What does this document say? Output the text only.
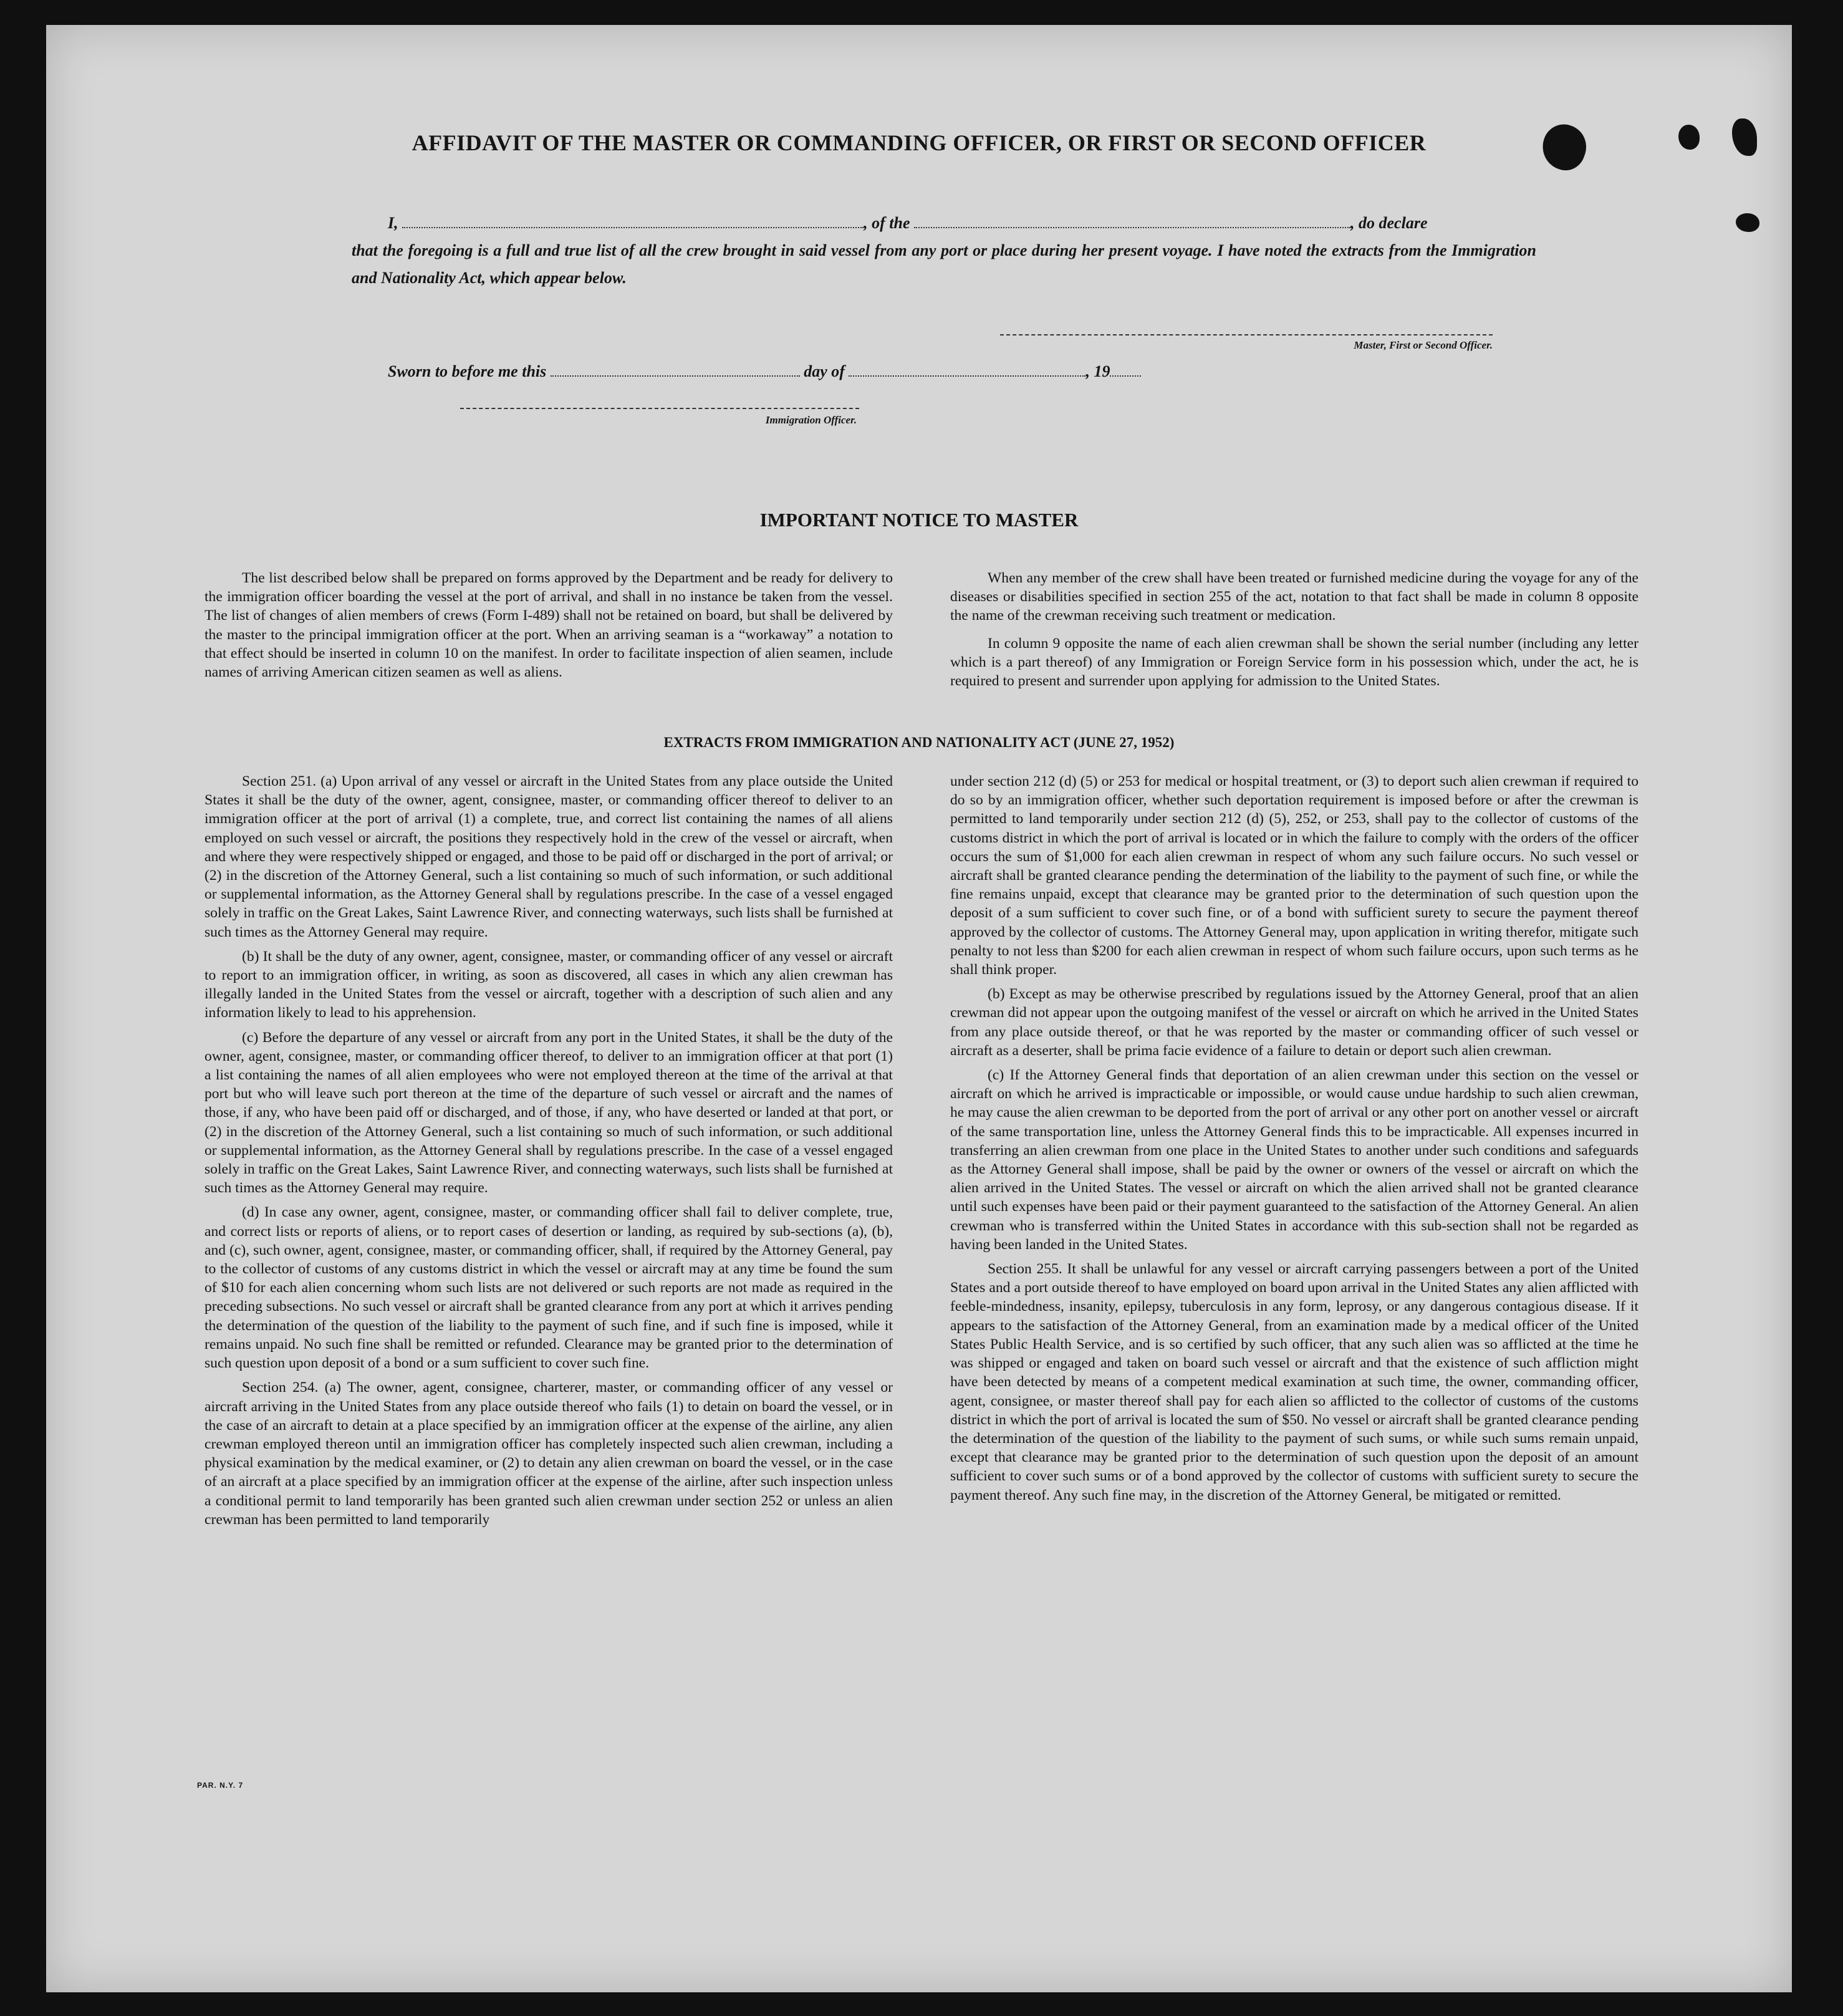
AFFIDAVIT OF THE MASTER OR COMMANDING OFFICER, OR FIRST OR SECOND OFFICER
I,	, of the	, do declare
that the foregoing is a full and true list of all the crew brought in said vessel from any port or place during her present voyage. I have noted the extracts from the Immigration and Nationality Act, which appear below.
Master, First or Second Officer.
Sworn to before me this	day of	, 19
Immigration Officer.
IMPORTANT NOTICE TO MASTER

The list described below shall be prepared on forms approved by the Department and be ready for delivery to the immigration officer boarding the vessel at the port of arrival, and shall in no instance be taken from the vessel. The list of changes of alien members of crews (Form I-489) shall not be retained on board, but shall be delivered by the master to the principal immigration officer at the port. When an arriving seaman is a “workaway” a notation to that effect should be inserted in column 10 on the manifest. In order to facilitate inspection of alien seamen, include names of arriving American citizen seamen as well as aliens.

When any member of the crew shall have been treated or furnished medicine during the voyage for any of the diseases or disabilities specified in section 255 of the act, notation to that fact shall be made in column 8 opposite the name of the crewman receiving such treatment or medication.

In column 9 opposite the name of each alien crewman shall be shown the serial number (including any letter which is a part thereof) of any Immigration or Foreign Service form in his possession which, under the act, he is required to present and surrender upon applying for admission to the United States.

EXTRACTS FROM IMMIGRATION AND NATIONALITY ACT (JUNE 27, 1952)

Section 251. (a) Upon arrival of any vessel or aircraft in the United States from any place outside the United States it shall be the duty of the owner, agent, consignee, master, or commanding officer thereof to deliver to an immigration officer at the port of arrival (1) a complete, true, and correct list containing the names of all aliens employed on such vessel or aircraft, the positions they respectively hold in the crew of the vessel or aircraft, when and where they were respectively shipped or engaged, and those to be paid off or discharged in the port of arrival; or (2) in the discretion of the Attorney General, such a list containing so much of such information, or such additional or supplemental information, as the Attorney General shall by regulations prescribe. In the case of a vessel engaged solely in traffic on the Great Lakes, Saint Lawrence River, and connecting waterways, such lists shall be furnished at such times as the Attorney General may require.

(b) It shall be the duty of any owner, agent, consignee, master, or commanding officer of any vessel or aircraft to report to an immigration officer, in writing, as soon as discovered, all cases in which any alien crewman has illegally landed in the United States from the vessel or aircraft, together with a description of such alien and any information likely to lead to his apprehension.

(c) Before the departure of any vessel or aircraft from any port in the United States, it shall be the duty of the owner, agent, consignee, master, or commanding officer thereof, to deliver to an immigration officer at that port (1) a list containing the names of all alien employees who were not employed thereon at the time of the arrival at that port but who will leave such port thereon at the time of the departure of such vessel or aircraft and the names of those, if any, who have been paid off or discharged, and of those, if any, who have deserted or landed at that port, or (2) in the discretion of the Attorney General, such a list containing so much of such information, or such additional or supplemental information, as the Attorney General shall by regulations prescribe. In the case of a vessel engaged solely in traffic on the Great Lakes, Saint Lawrence River, and connecting waterways, such lists shall be furnished at such times as the Attorney General may require.

(d) In case any owner, agent, consignee, master, or commanding officer shall fail to deliver complete, true, and correct lists or reports of aliens, or to report cases of desertion or landing, as required by sub-sections (a), (b), and (c), such owner, agent, consignee, master, or commanding officer, shall, if required by the Attorney General, pay to the collector of customs of any customs district in which the vessel or aircraft may at any time be found the sum of $10 for each alien concerning whom such lists are not delivered or such reports are not made as required in the preceding subsections. No such vessel or aircraft shall be granted clearance from any port at which it arrives pending the determination of the question of the liability to the payment of such fine, and if such fine is imposed, while it remains unpaid. No such fine shall be remitted or refunded. Clearance may be granted prior to the determination of such question upon deposit of a bond or a sum sufficient to cover such fine.

Section 254. (a) The owner, agent, consignee, charterer, master, or commanding officer of any vessel or aircraft arriving in the United States from any place outside thereof who fails (1) to detain on board the vessel, or in the case of an aircraft to detain at a place specified by an immigration officer at the expense of the airline, any alien crewman employed thereon until an immigration officer has completely inspected such alien crewman, including a physical examination by the medical examiner, or (2) to detain any alien crewman on board the vessel, or in the case of an aircraft at a place specified by an immigration officer at the expense of the airline, after such inspection unless a conditional permit to land temporarily has been granted such alien crewman under section 252 or unless an alien crewman has been permitted to land temporarily

under section 212 (d) (5) or 253 for medical or hospital treatment, or (3) to deport such alien crewman if required to do so by an immigration officer, whether such deportation requirement is imposed before or after the crewman is permitted to land temporarily under section 212 (d) (5), 252, or 253, shall pay to the collector of customs of the customs district in which the port of arrival is located or in which the failure to comply with the orders of the officer occurs the sum of $1,000 for each alien crewman in respect of whom any such failure occurs. No such vessel or aircraft shall be granted clearance pending the determination of the liability to the payment of such fine, or while the fine remains unpaid, except that clearance may be granted prior to the determination of such question upon the deposit of a sum sufficient to cover such fine, or of a bond with sufficient surety to secure the payment thereof approved by the collector of customs. The Attorney General may, upon application in writing therefor, mitigate such penalty to not less than $200 for each alien crewman in respect of whom such failure occurs, upon such terms as he shall think proper.

(b) Except as may be otherwise prescribed by regulations issued by the Attorney General, proof that an alien crewman did not appear upon the outgoing manifest of the vessel or aircraft on which he arrived in the United States from any place outside thereof, or that he was reported by the master or commanding officer of such vessel or aircraft as a deserter, shall be prima facie evidence of a failure to detain or deport such alien crewman.

(c) If the Attorney General finds that deportation of an alien crewman under this section on the vessel or aircraft on which he arrived is impracticable or impossible, or would cause undue hardship to such alien crewman, he may cause the alien crewman to be deported from the port of arrival or any other port on another vessel or aircraft of the same transportation line, unless the Attorney General finds this to be impracticable. All expenses incurred in transferring an alien crewman from one place in the United States to another under such conditions and safeguards as the Attorney General shall impose, shall be paid by the owner or owners of the vessel or aircraft on which the alien arrived in the United States. The vessel or aircraft on which the alien arrived shall not be granted clearance until such expenses have been paid or their payment guaranteed to the satisfaction of the Attorney General. An alien crewman who is transferred within the United States in accordance with this sub-section shall not be regarded as having been landed in the United States.

Section 255. It shall be unlawful for any vessel or aircraft carrying passengers between a port of the United States and a port outside thereof to have employed on board upon arrival in the United States any alien afflicted with feeble-mindedness, insanity, epilepsy, tuberculosis in any form, leprosy, or any dangerous contagious disease. If it appears to the satisfaction of the Attorney General, from an examination made by a medical officer of the United States Public Health Service, and is so certified by such officer, that any such alien was so afflicted at the time he was shipped or engaged and taken on board such vessel or aircraft and that the existence of such affliction might have been detected by means of a competent medical examination at such time, the owner, commanding officer, agent, consignee, or master thereof shall pay for each alien so afflicted to the collector of customs of the customs district in which the port of arrival is located the sum of $50. No vessel or aircraft shall be granted clearance pending the determination of the question of the liability to the payment of such sums, or while such sums remain unpaid, except that clearance may be granted prior to the determination of such question upon the deposit of an amount sufficient to cover such sums or of a bond approved by the collector of customs with sufficient surety to secure the payment thereof. Any such fine may, in the discretion of the Attorney General, be mitigated or remitted.

PAR. N.Y. 7
